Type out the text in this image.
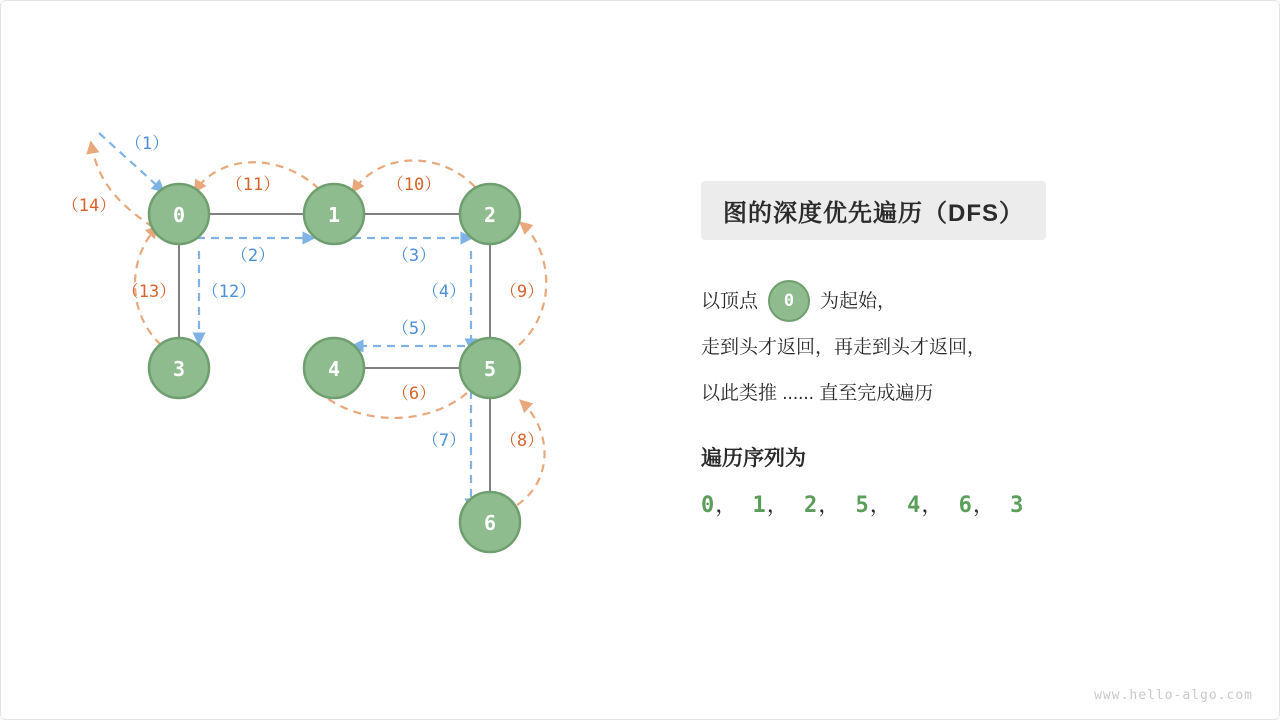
（1）
（2）	（3）
（4）
（5）
（6）
（7） （8）
（9）
（10）
（11）
（12）
（13）
（14）	0	1	2
3	4	5
6
图的深度优先遍历（DFS）
以顶点	0	为起始，
走到头才返回，再走到头才返回，
以此类推 ...... 直至完成遍历
遍历序列为
0， 1， 2， 5， 4， 6， 3
www.hello-algo.com
